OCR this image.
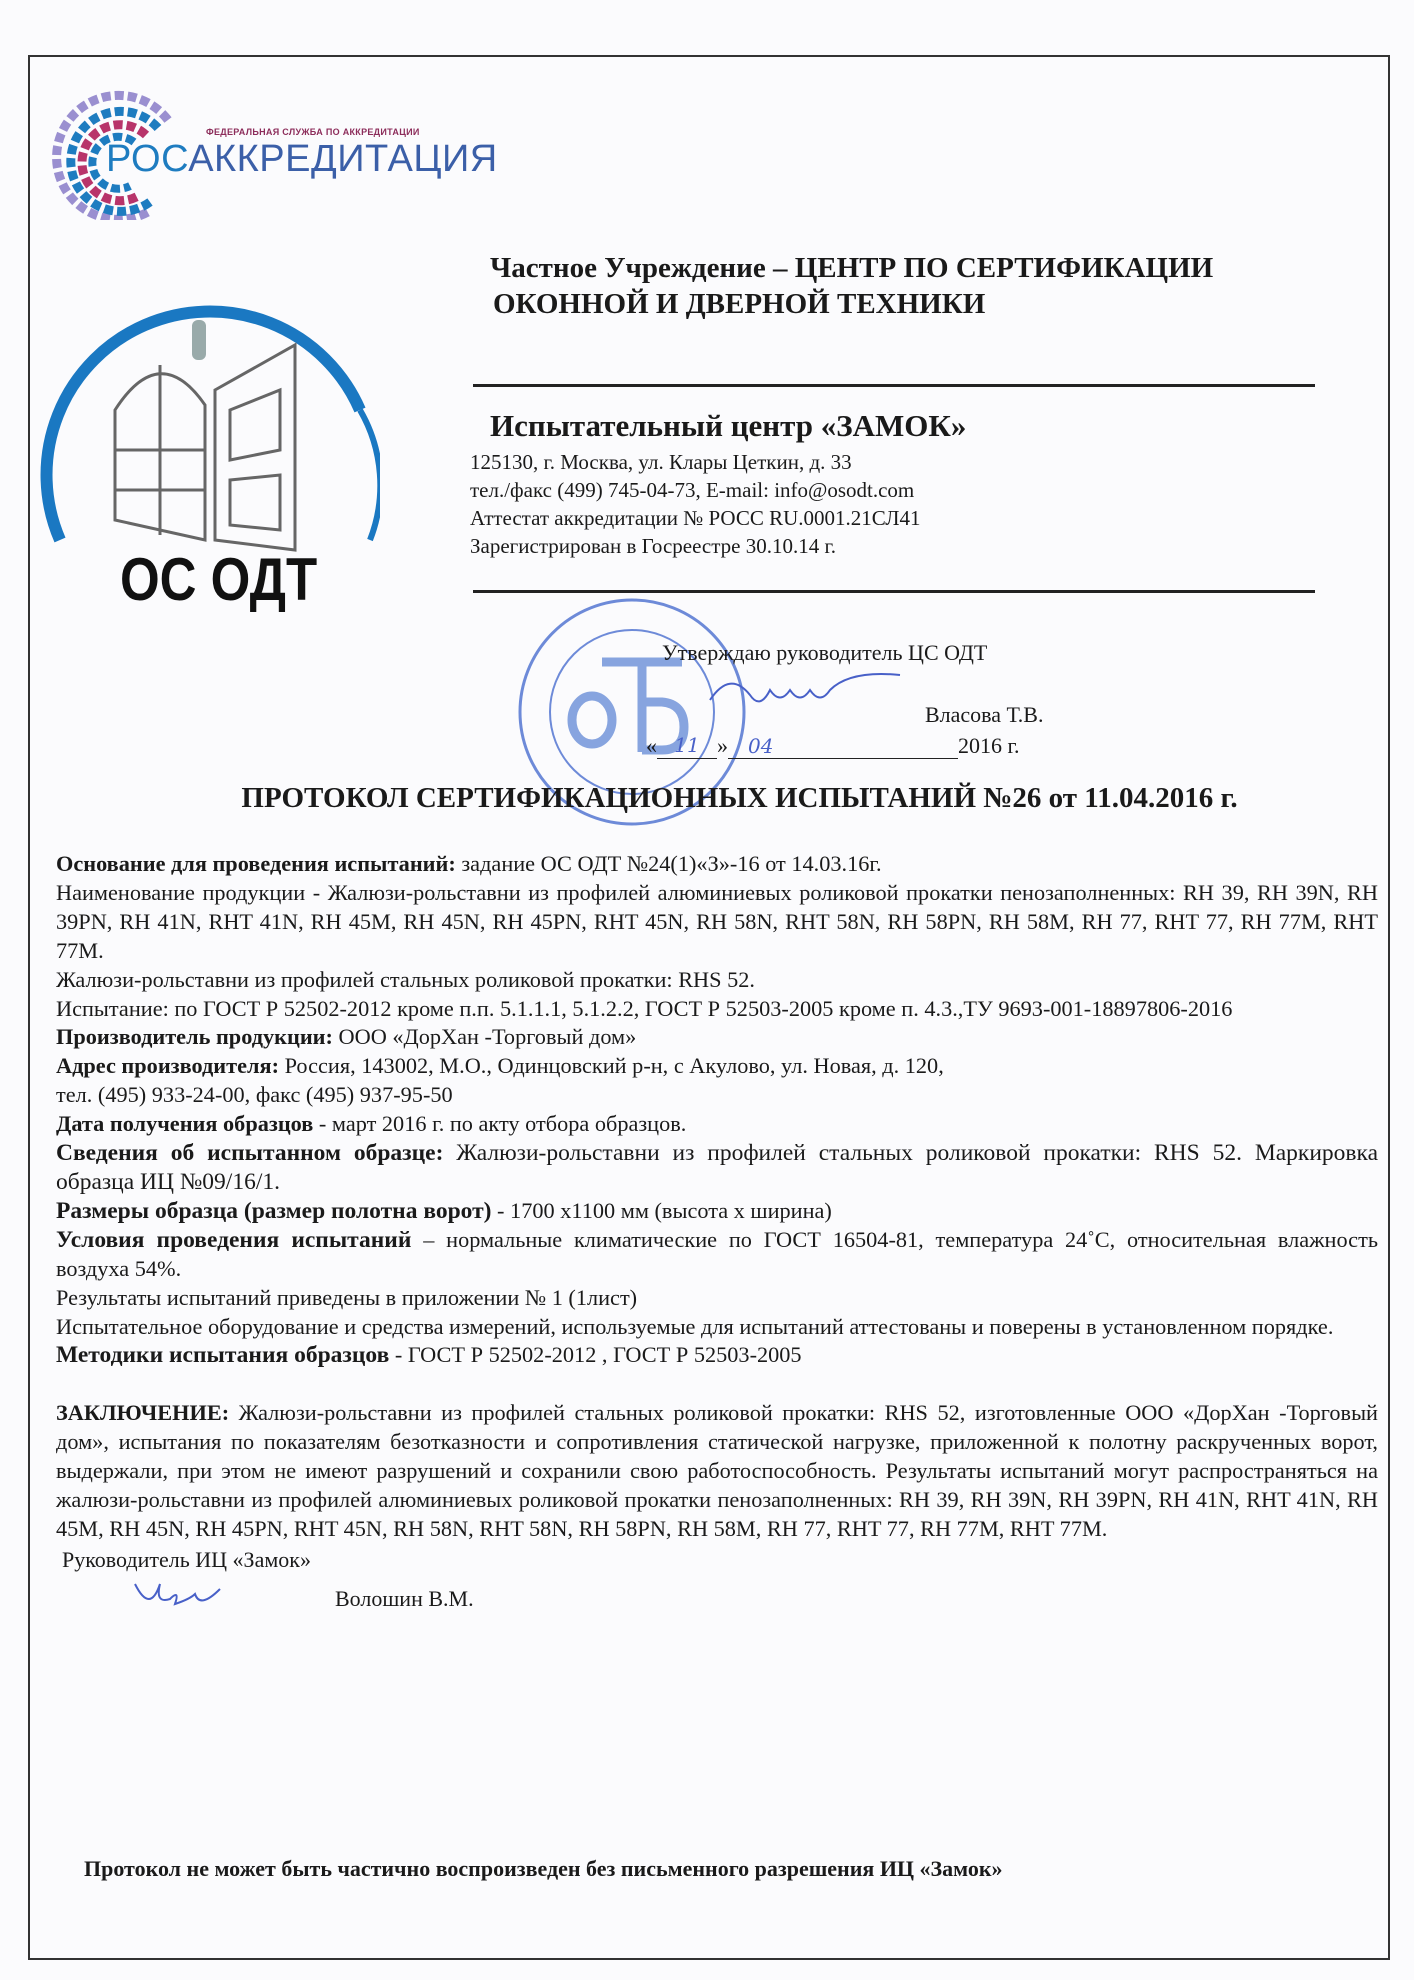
ФЕДЕРАЛЬНАЯ СЛУЖБА ПО АККРЕДИТАЦИИ
РОСАККРЕДИТАЦИЯ
ОС ОДТ
Частное Учреждение – ЦЕНТР ПО СЕРТИФИКАЦИИ
ОКОННОЙ И ДВЕРНОЙ ТЕХНИКИ
Испытательный центр «ЗАМОК»
125130, г. Москва, ул. Клары Цеткин, д. 33
тел./факс (499) 745-04-73, E-mail: info@osodt.com
Аттестат аккредитации № РОСС RU.0001.21СЛ41
Зарегистрирован в Госреестре 30.10.14 г.
Утверждаю руководитель ЦС ОДТ
Власова Т.В.
« 11 » 04	2016 г.
ПРОТОКОЛ СЕРТИФИКАЦИОННЫХ ИСПЫТАНИЙ №26 от 11.04.2016 г.

Основание для проведения испытаний: задание ОС ОДТ №24(1)«З»-16 от 14.03.16г.

Наименование продукции - Жалюзи-рольставни из профилей алюминиевых роликовой прокатки пенозаполненных: RH 39, RH 39N, RH 39PN, RH 41N, RHT 41N, RH 45M, RH 45N, RH 45PN, RHT 45N, RH 58N, RHT 58N, RH 58PN, RH 58M, RH 77, RHT 77, RH 77M, RHT 77M.

Жалюзи-рольставни из профилей стальных роликовой прокатки: RHS 52.

Испытание: по ГОСТ Р 52502-2012 кроме п.п. 5.1.1.1, 5.1.2.2, ГОСТ Р 52503-2005 кроме п. 4.3.,ТУ 9693-001-18897806-2016

Производитель продукции: ООО «ДорХан -Торговый дом»

Адрес производителя: Россия, 143002, М.О., Одинцовский р-н, с Акулово, ул. Новая, д. 120,
тел. (495) 933-24-00, факс (495) 937-95-50

Дата получения образцов - март 2016 г. по акту отбора образцов.

Сведения об испытанном образце: Жалюзи-рольставни из профилей стальных роликовой прокатки: RHS 52. Маркировка образца ИЦ №09/16/1.

Размеры образца (размер полотна ворот) - 1700 х1100 мм (высота х ширина)

Условия проведения испытаний – нормальные климатические по ГОСТ 16504-81, температура 24˚С, относительная влажность воздуха 54%.

Результаты испытаний приведены в приложении № 1 (1лист)

Испытательное оборудование и средства измерений, используемые для испытаний аттестованы и поверены в установленном порядке.

Методики испытания образцов - ГОСТ Р 52502-2012 , ГОСТ Р 52503-2005

ЗАКЛЮЧЕНИЕ: Жалюзи-рольставни из профилей стальных роликовой прокатки: RHS 52, изготовленные ООО «ДорХан -Торговый дом», испытания по показателям безотказности и сопротивления статической нагрузке, приложенной к полотну раскрученных ворот, выдержали, при этом не имеют разрушений и сохранили свою работоспособность. Результаты испытаний могут распространяться на жалюзи-рольставни из профилей алюминиевых роликовой прокатки пенозаполненных: RH 39, RH 39N, RH 39PN, RH 41N, RHT 41N, RH 45M, RH 45N, RH 45PN, RHT 45N, RH 58N, RHT 58N, RH 58PN, RH 58M, RH 77, RHT 77, RH 77M, RHT 77M.

Руководитель ИЦ «Замок»
Волошин В.М.
Протокол не может быть частично воспроизведен без письменного разрешения ИЦ «Замок»
